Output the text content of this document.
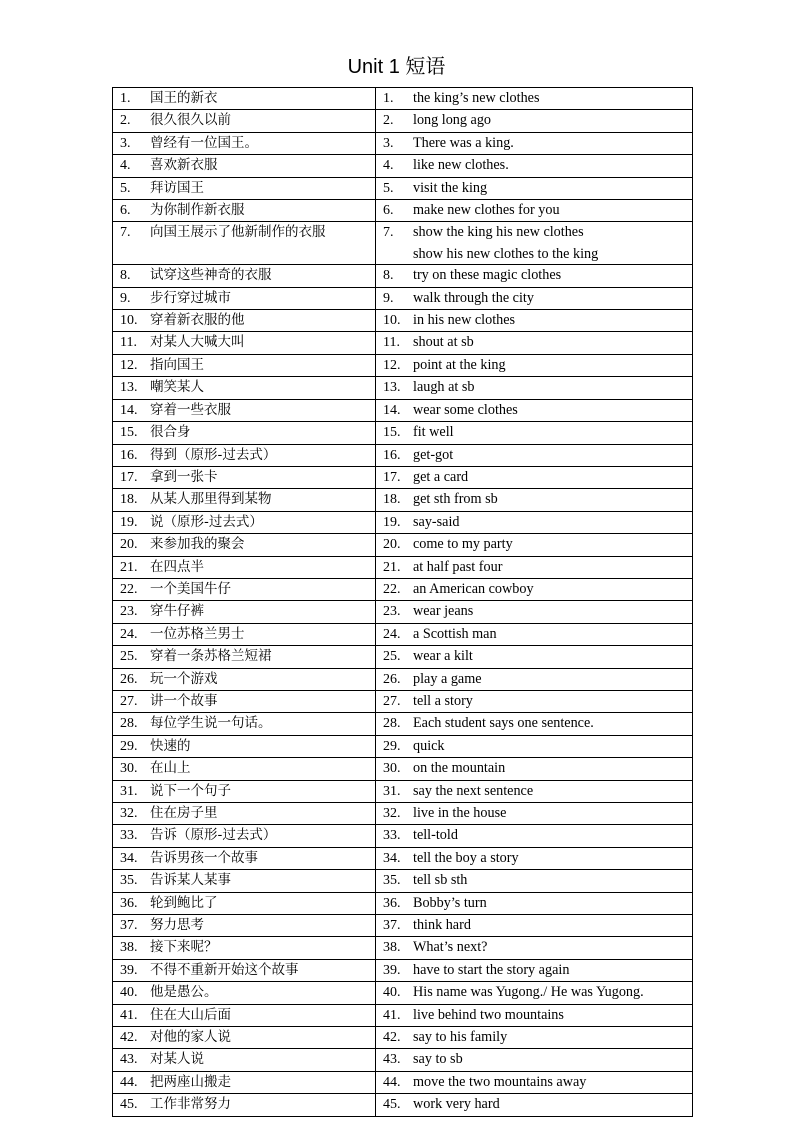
Unit 1 短语
1. 国王的新衣	1. the king’s new clothes
2. 很久很久以前	2. long long ago
3. 曾经有一位国王。	3. There was a king.
4. 喜欢新衣服	4. like new clothes.
5. 拜访国王	5. visit the king
6. 为你制作新衣服	6. make new clothes for you
7. 向国王展示了他新制作的衣服	7. show the king his new clothes
show his new clothes to the king

8. 试穿这些神奇的衣服	8. try on these magic clothes
9. 步行穿过城市	9. walk through the city
10. 穿着新衣服的他	10. in his new clothes
11. 对某人大喊大叫	11. shout at sb
12. 指向国王	12. point at the king
13. 嘲笑某人	13. laugh at sb
14. 穿着一些衣服	14. wear some clothes
15. 很合身	15. fit well
16. 得到（原形-过去式）	16. get-got
17. 拿到一张卡	17. get a card
18. 从某人那里得到某物	18. get sth from sb
19. 说（原形-过去式）	19. say-said
20. 来参加我的聚会	20. come to my party
21. 在四点半	21. at half past four
22. 一个美国牛仔	22. an American cowboy
23. 穿牛仔裤	23. wear jeans
24. 一位苏格兰男士	24. a Scottish man
25. 穿着一条苏格兰短裙	25. wear a kilt
26. 玩一个游戏	26. play a game
27. 讲一个故事	27. tell a story
28. 每位学生说一句话。	28. Each student says one sentence.
29. 快速的	29. quick
30. 在山上	30. on the mountain
31. 说下一个句子	31. say the next sentence
32. 住在房子里	32. live in the house
33. 告诉（原形-过去式）	33. tell-told
34. 告诉男孩一个故事	34. tell the boy a story
35. 告诉某人某事	35. tell sb sth
36. 轮到鲍比了	36. Bobby’s turn
37. 努力思考	37. think hard
38. 接下来呢？	38. What’s next?
39. 不得不重新开始这个故事	39. have to start the story again
40. 他是愚公。	40. His name was Yugong./ He was Yugong.
41. 住在大山后面	41. live behind two mountains
42. 对他的家人说	42. say to his family
43. 对某人说	43. say to sb
44. 把两座山搬走	44. move the two mountains away
45. 工作非常努力	45. work very hard
